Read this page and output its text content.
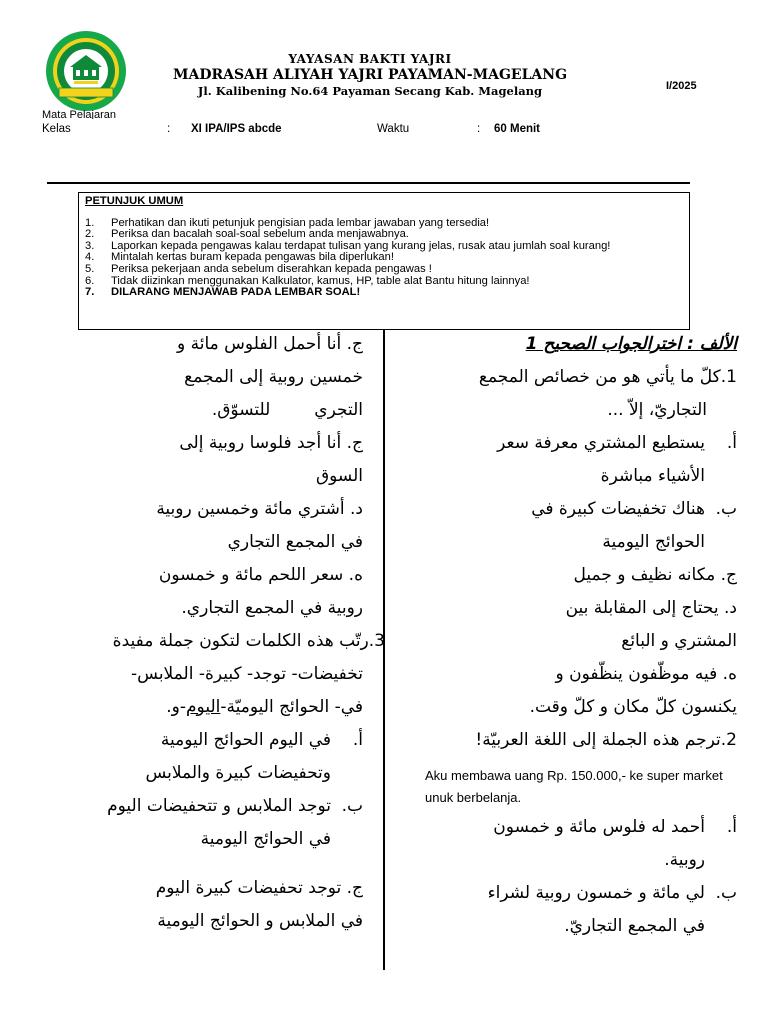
YAYASAN BAKTI YAJRI
MADRASAH ALIYAH YAJRI PAYAMAN-MAGELANG
Jl. Kalibening No.64 Payaman Secang Kab. Magelang	I/2025
Mata Pelajaran
Kelas	: XI IPA/IPS abcde	Waktu	: 60 Menit
PETUNJUK UMUM
1.	Perhatikan dan ikuti petunjuk pengisian pada lembar jawaban yang tersedia!
2.	Periksa dan bacalah soal-soal sebelum anda menjawabnya.
3.	Laporkan kepada pengawas kalau terdapat tulisan yang kurang jelas, rusak atau jumlah soal kurang!
4.	Mintalah kertas buram kepada pengawas bila diperlukan!
5.	Periksa pekerjaan anda sebelum diserahkan kepada pengawas !
6.	Tidak diizinkan menggunakan Kalkulator, kamus, HP, table alat Bantu hitung lainnya!
7.	DILARANG MENJAWAB PADA LEMBAR SOAL!
الألف : اخترالجواب الصحيح 1
1.كلّ ما يأتي هو من خصائص المجمع
التجاريّ، إلاّ ...
أ.
يستطيع المشتري معرفة سعر
الأشياء مباشرة
ب.
هناك تخفيضات كبيرة في
الحوائج اليومية
ج. مكانه نظيف و جميل
د. يحتاج إلى المقابلة بين
المشتري و البائع
ه. فيه موظّفون ينظّفون و
يكنسون كلّ مكان و كلّ وقت.
2.ترجم هذه الجملة إلى اللغة العربيّة!
Aku membawa uang Rp. 150.000,- ke super market unuk berbelanja.
أ.
أحمد له فلوس مائة و خمسون
روبية.
ب.
لي مائة و خمسون روبية لشراء
في المجمع التجاريّ.
ج. أنا أحمل الفلوس مائة و
خمسين روبية إلى المجمع
التجريللتسوّق.
ج. أنا أجد فلوسا روبية إلى
السوق
د. أشتري مائة وخمسين روبية
في المجمع التجاري
ه. سعر اللحم مائة و خمسون
روبية في المجمع التجاري.
3.رتّب هذه الكلمات لتكون جملة مفيدة
تخفيضات- توجد- كبيرة- الملابس-
في- الحوائج اليوميّة-اليوم-و.
أ.
في اليوم الحوائج اليومية
وتحفيضات كبيرة والملابس
ب.
توجد الملابس و تتحفيضات اليوم
في الحوائج اليومية
ج. توجد تحفيضات كبيرة اليوم
في الملابس و الحوائج اليومية
